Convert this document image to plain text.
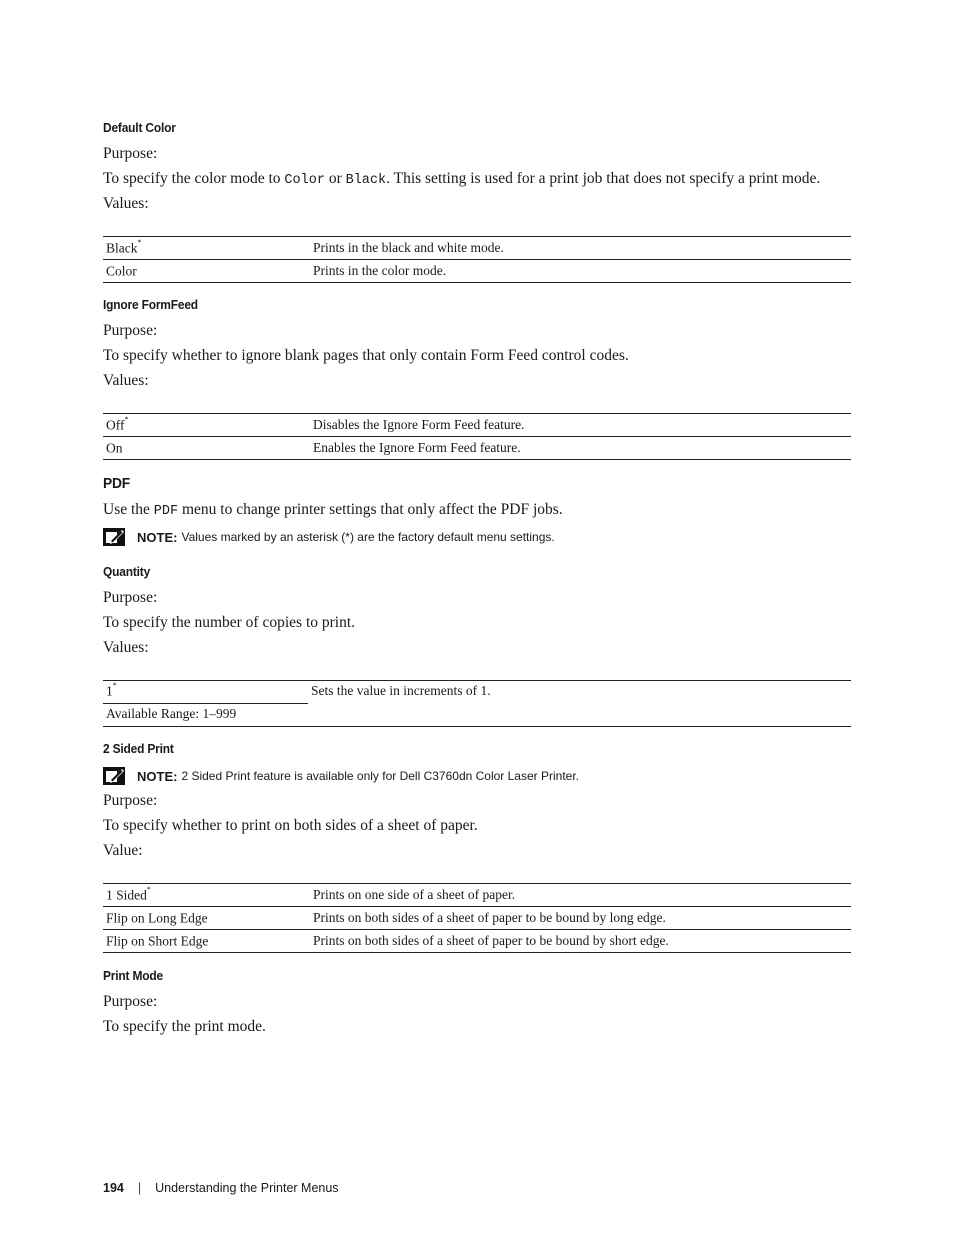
Default Color
Purpose:
To specify the color mode to Color or Black. This setting is used for a print job that does not specify a print mode.
Values:
Black*	Prints in the black and white mode.
Color	Prints in the color mode.
Ignore FormFeed
Purpose:
To specify whether to ignore blank pages that only contain Form Feed control codes.
Values:
Off*	Disables the Ignore Form Feed feature.
On	Enables the Ignore Form Feed feature.
PDF
Use the PDF menu to change printer settings that only affect the PDF jobs.
NOTE: Values marked by an asterisk (*) are the factory default menu settings.
Quantity
Purpose:
To specify the number of copies to print.
Values:
1*	Sets the value in increments of 1.
Available Range: 1–999
2 Sided Print
NOTE: 2 Sided Print feature is available only for Dell C3760dn Color Laser Printer.
Purpose:
To specify whether to print on both sides of a sheet of paper.
Value:
1 Sided*	Prints on one side of a sheet of paper.
Flip on Long Edge	Prints on both sides of a sheet of paper to be bound by long edge.
Flip on Short Edge	Prints on both sides of a sheet of paper to be bound by short edge.
Print Mode
Purpose:
To specify the print mode.
194 | Understanding the Printer Menus
